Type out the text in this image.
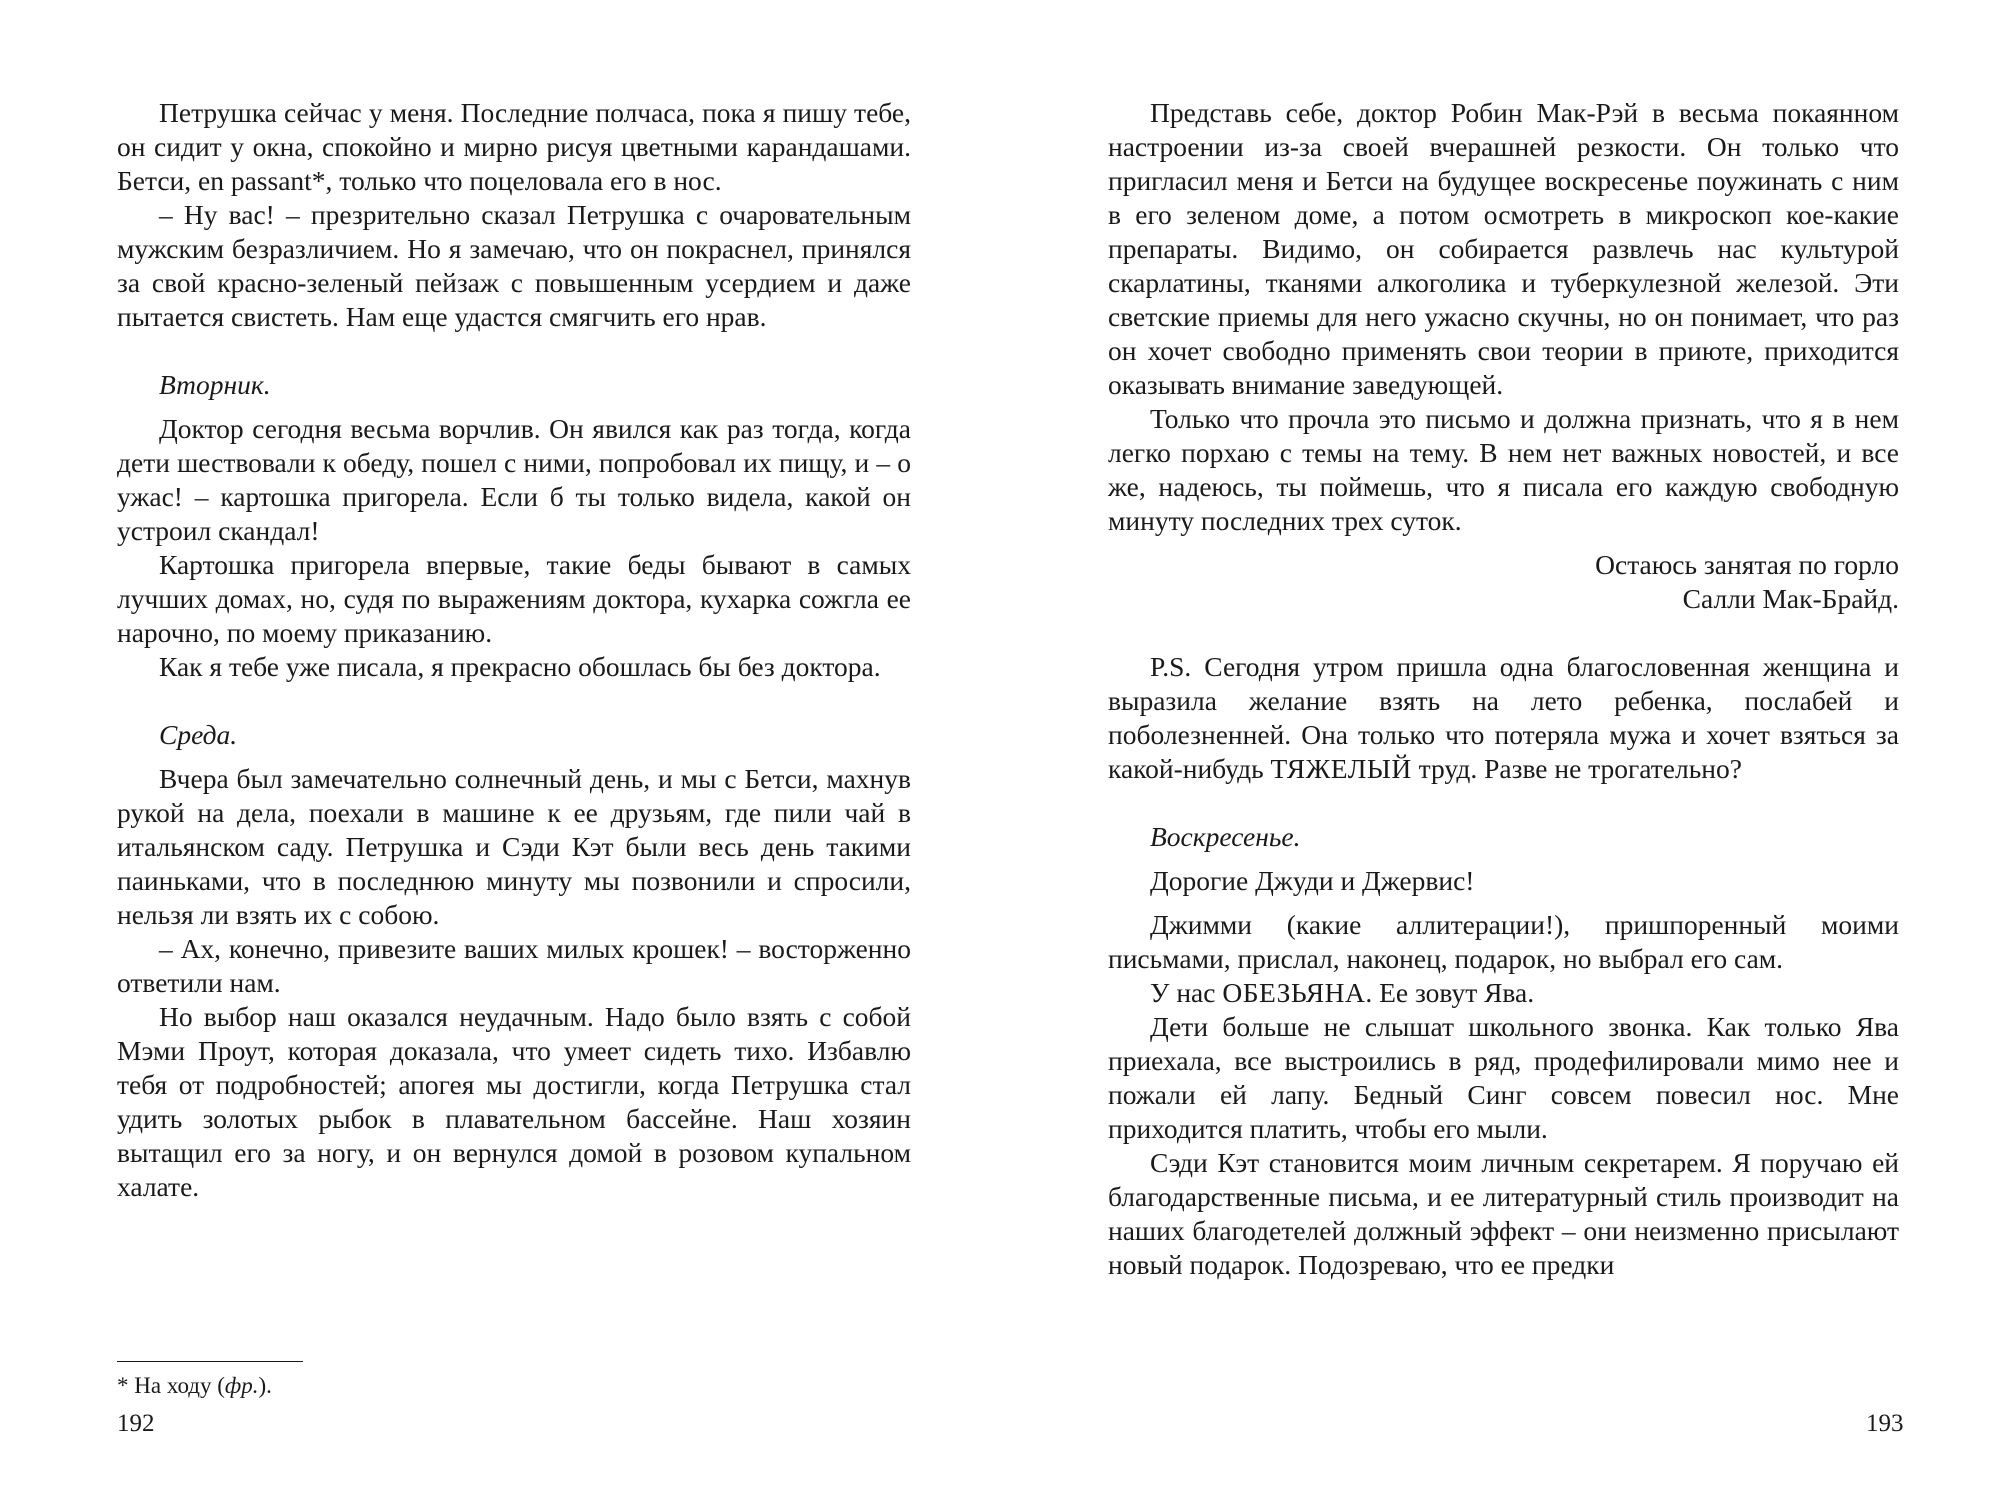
Петрушка сейчас у меня. Последние полчаса, пока я пишу тебе, он сидит у окна, спокойно и мирно рисуя цветными карандашами. Бетси, en passant*, только что поцеловала его в нос.

– Ну вас! – презрительно сказал Петрушка с очаровательным мужским безразличием. Но я замечаю, что он покраснел, принялся за свой красно-зеленый пейзаж с повышенным усердием и даже пытается свистеть. Нам еще удастся смягчить его нрав.

Вторник.

Доктор сегодня весьма ворчлив. Он явился как раз тогда, когда дети шествовали к обеду, пошел с ними, попробовал их пищу, и – о ужас! – картошка пригорела. Если б ты только видела, какой он устроил скандал!

Картошка пригорела впервые, такие беды бывают в самых лучших домах, но, судя по выражениям доктора, кухарка сожгла ее нарочно, по моему приказанию.

Как я тебе уже писала, я прекрасно обошлась бы без доктора.

Среда.

Вчера был замечательно солнечный день, и мы с Бетси, махнув рукой на дела, поехали в машине к ее друзьям, где пили чай в итальянском саду. Петрушка и Сэди Кэт были весь день такими паиньками, что в последнюю минуту мы позвонили и спросили, нельзя ли взять их с собою.

– Ах, конечно, привезите ваших милых крошек! – восторженно ответили нам.

Но выбор наш оказался неудачным. Надо было взять с собой Мэми Проут, которая доказала, что умеет сидеть тихо. Избавлю тебя от подробностей; апогея мы достигли, когда Петрушка стал удить золотых рыбок в плавательном бассейне. Наш хозяин вытащил его за ногу, и он вернулся домой в розовом купальном халате.

* На ходу (фр.).

192

Представь себе, доктор Робин Мак-Рэй в весьма покаянном настроении из-за своей вчерашней резкости. Он только что пригласил меня и Бетси на будущее воскресенье поужинать с ним в его зеленом доме, а потом осмотреть в микроскоп кое-какие препараты. Видимо, он собирается развлечь нас культурой скарлатины, тканями алкоголика и туберкулезной железой. Эти светские приемы для него ужасно скучны, но он понимает, что раз он хочет свободно применять свои теории в приюте, приходится оказывать внимание заведующей.

Только что прочла это письмо и должна признать, что я в нем легко порхаю с темы на тему. В нем нет важных новостей, и все же, надеюсь, ты поймешь, что я писала его каждую свободную минуту последних трех суток.

Остаюсь занятая по горло

Салли Мак-Брайд.

P.S. Сегодня утром пришла одна благословенная женщина и выразила желание взять на лето ребенка, послабей и поболезненней. Она только что потеряла мужа и хочет взяться за какой-нибудь ТЯЖЕЛЫЙ труд. Разве не трогательно?

Воскресенье.

Дорогие Джуди и Джервис!

Джимми (какие аллитерации!), пришпоренный моими письмами, прислал, наконец, подарок, но выбрал его сам.

У нас ОБЕЗЬЯНА. Ее зовут Ява.

Дети больше не слышат школьного звонка. Как только Ява приехала, все выстроились в ряд, продефилировали мимо нее и пожали ей лапу. Бедный Синг совсем повесил нос. Мне приходится платить, чтобы его мыли.

Сэди Кэт становится моим личным секретарем. Я поручаю ей благодарственные письма, и ее литературный стиль производит на наших благодетелей должный эффект – они неизменно присылают новый подарок. Подозреваю, что ее предки

193
